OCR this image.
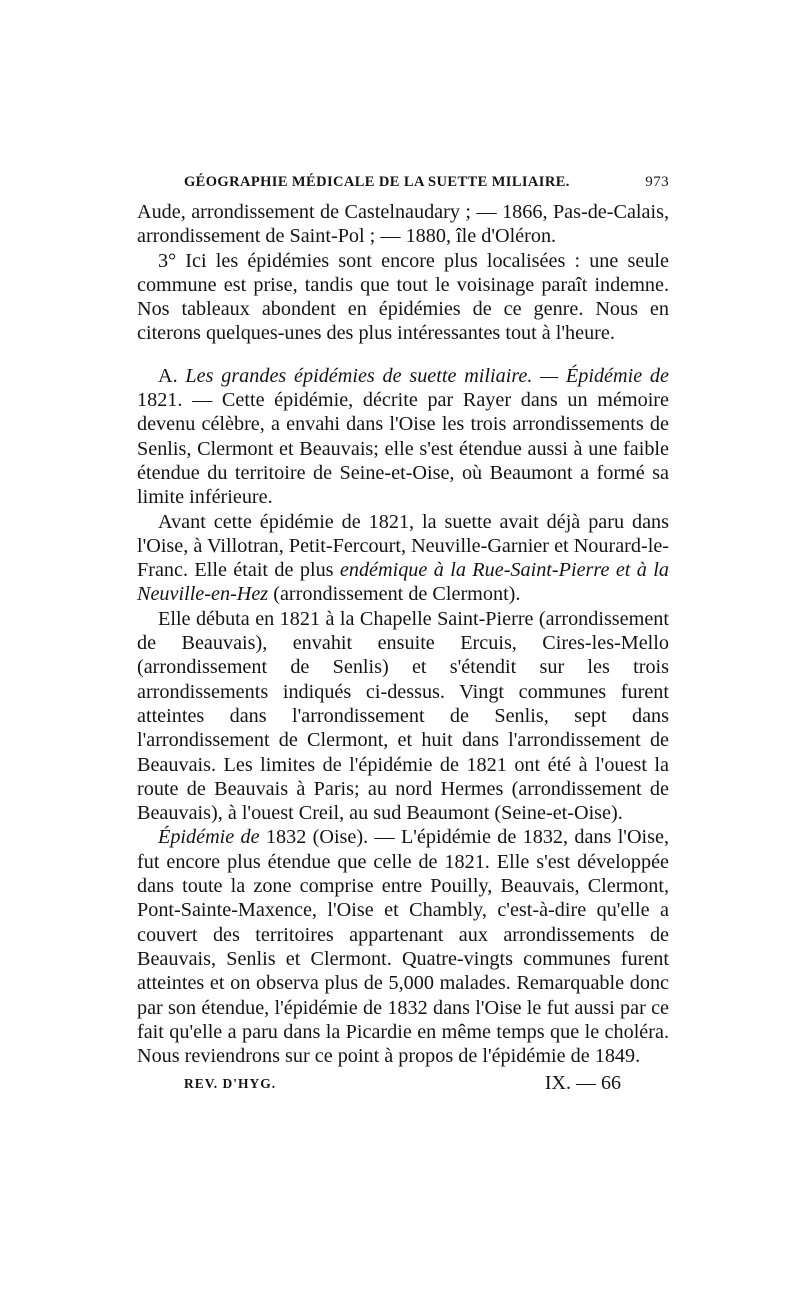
GÉOGRAPHIE MÉDICALE DE LA SUETTE MILIAIRE.	973

Aude, arrondissement de Castelnaudary ; — 1866, Pas-de-Calais, arrondissement de Saint-Pol ; — 1880, île d'Oléron.

3° Ici les épidémies sont encore plus localisées : une seule commune est prise, tandis que tout le voisinage paraît indemne. Nos tableaux abondent en épidémies de ce genre. Nous en citerons quelques-unes des plus intéressantes tout à l'heure.

A. Les grandes épidémies de suette miliaire. — Épidémie de 1821. — Cette épidémie, décrite par Rayer dans un mémoire devenu célèbre, a envahi dans l'Oise les trois arrondissements de Senlis, Clermont et Beauvais; elle s'est étendue aussi à une faible étendue du territoire de Seine-et-Oise, où Beaumont a formé sa limite inférieure.

Avant cette épidémie de 1821, la suette avait déjà paru dans l'Oise, à Villotran, Petit-Fercourt, Neuville-Garnier et Nourard-le-Franc. Elle était de plus endémique à la Rue-Saint-Pierre et à la Neuville-en-Hez (arrondissement de Clermont).

Elle débuta en 1821 à la Chapelle Saint-Pierre (arrondissement de Beauvais), envahit ensuite Ercuis, Cires-les-Mello (arrondissement de Senlis) et s'étendit sur les trois arrondissements indiqués ci-dessus. Vingt communes furent atteintes dans l'arrondissement de Senlis, sept dans l'arrondissement de Clermont, et huit dans l'arrondissement de Beauvais. Les limites de l'épidémie de 1821 ont été à l'ouest la route de Beauvais à Paris; au nord Hermes (arrondissement de Beauvais), à l'ouest Creil, au sud Beaumont (Seine-et-Oise).

Épidémie de 1832 (Oise). — L'épidémie de 1832, dans l'Oise, fut encore plus étendue que celle de 1821. Elle s'est développée dans toute la zone comprise entre Pouilly, Beauvais, Clermont, Pont-Sainte-Maxence, l'Oise et Chambly, c'est-à-dire qu'elle a couvert des territoires appartenant aux arrondissements de Beauvais, Senlis et Clermont. Quatre-vingts communes furent atteintes et on observa plus de 5,000 malades. Remarquable donc par son étendue, l'épidémie de 1832 dans l'Oise le fut aussi par ce fait qu'elle a paru dans la Picardie en même temps que le choléra. Nous reviendrons sur ce point à propos de l'épidémie de 1849.

REV. D'HYG.	IX. — 66
